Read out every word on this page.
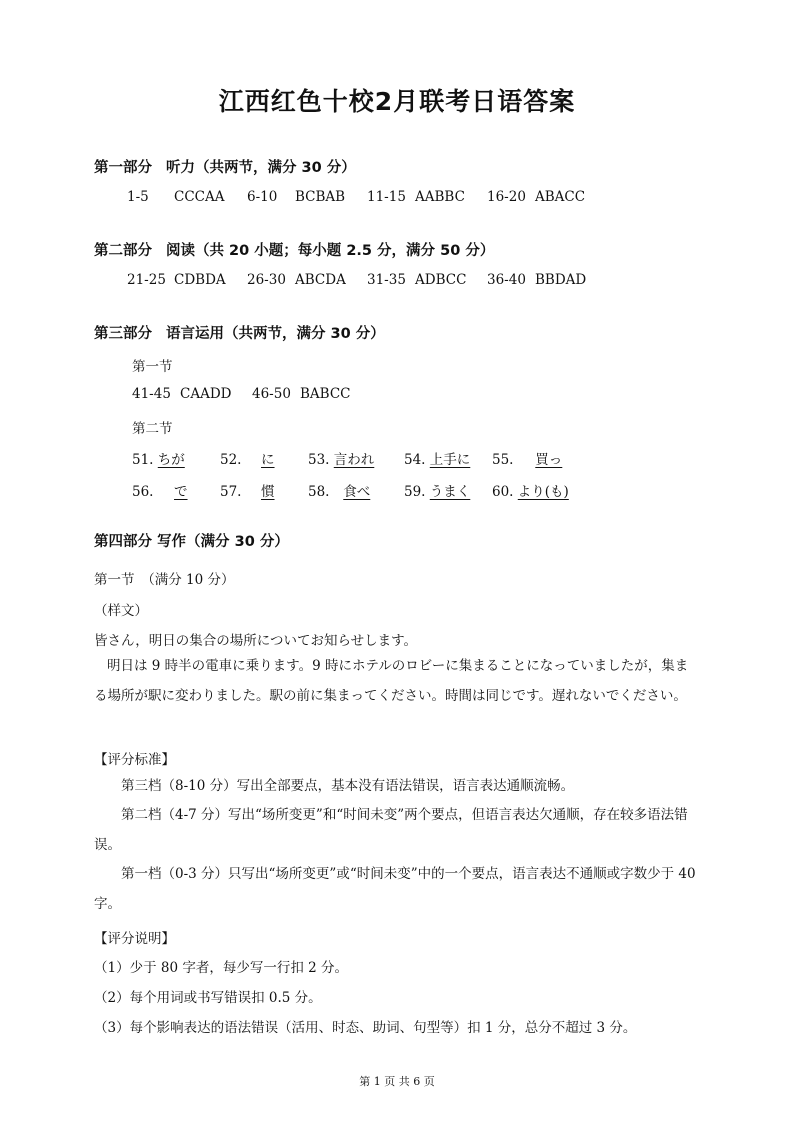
江西红色十校2月联考日语答案
第一部分 听力（共两节，满分 30 分）
1-5 CCCAA 6-10 BCBAB 11-15 AABBC 16-20 ABACC
第二部分 阅读（共 20 小题；每小题 2.5 分，满分 50 分）
21-25 CDBDA 26-30 ABCDA 31-35 ADBCC 36-40 BBDAD
第三部分 语言运用（共两节，满分 30 分）
第一节
41-45 CAADD 46-50 BABCC
第二节
51. ちが	52. に 53. 言われ 54. 上手に 55. 買っ
56. で 57. 慣 58. 食べ 59. うまく 60. より(も)
第四部分 写作（满分 30 分）
第一节　（满分 10 分）
（样文）
皆さん，明日の集合の場所についてお知らせします。
明日は 9 時半の電車に乗ります。9 時にホテルのロビーに集まることになっていましたが，集まる場所が駅に変わりました。駅の前に集まってください。時間は同じです。遅れないでください。
【评分标准】
第三档（8-10 分）写出全部要点，基本没有语法错误，语言表达通顺流畅。
第二档（4-7 分）写出“场所变更”和“时间未变”两个要点，但语言表达欠通顺，存在较多语法错误。
第一档（0-3 分）只写出“场所变更”或“时间未变”中的一个要点，语言表达不通顺或字数少于 40 字。
【评分说明】
（1）少于 80 字者，每少写一行扣 2 分。
（2）每个用词或书写错误扣 0.5 分。
（3）每个影响表达的语法错误（活用、时态、助词、句型等）扣 1 分，总分不超过 3 分。
第 1 页 共 6 页
